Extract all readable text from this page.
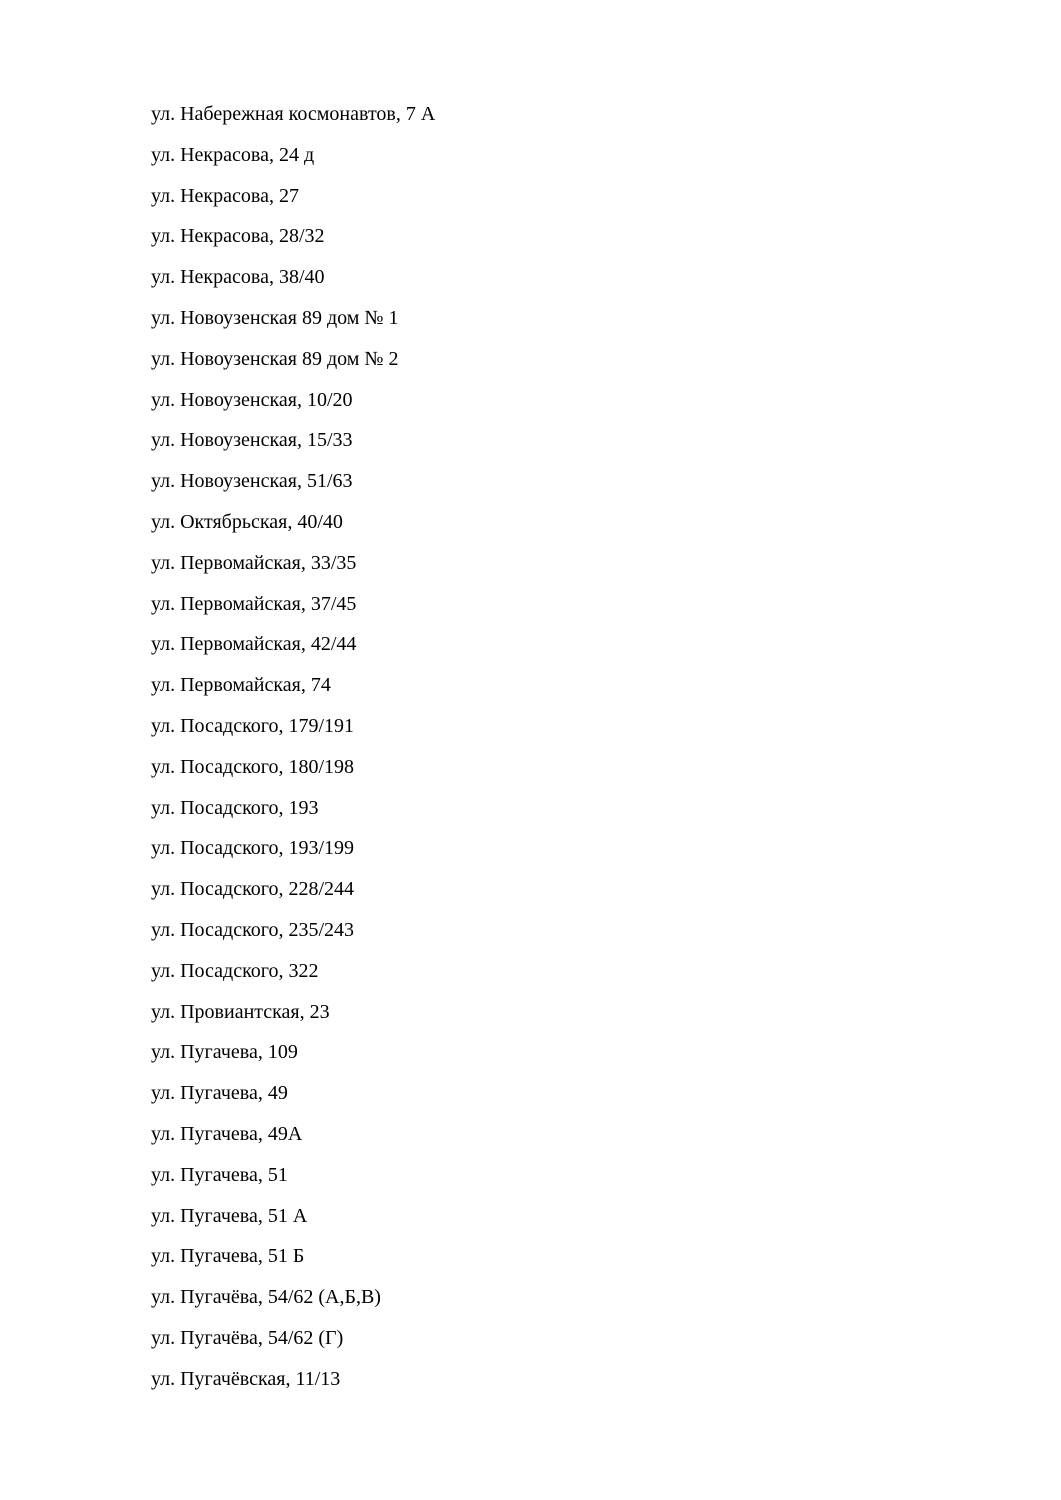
ул. Набережная космонавтов, 7 А
ул. Некрасова, 24 д
ул. Некрасова, 27
ул. Некрасова, 28/32
ул. Некрасова, 38/40
ул. Новоузенская 89 дом № 1
ул. Новоузенская 89 дом № 2
ул. Новоузенская, 10/20
ул. Новоузенская, 15/33
ул. Новоузенская, 51/63
ул. Октябрьская, 40/40
ул. Первомайская, 33/35
ул. Первомайская, 37/45
ул. Первомайская, 42/44
ул. Первомайская, 74
ул. Посадского, 179/191
ул. Посадского, 180/198
ул. Посадского, 193
ул. Посадского, 193/199
ул. Посадского, 228/244
ул. Посадского, 235/243
ул. Посадского, 322
ул. Провиантская, 23
ул. Пугачева, 109
ул. Пугачева, 49
ул. Пугачева, 49А
ул. Пугачева, 51
ул. Пугачева, 51 А
ул. Пугачева, 51 Б
ул. Пугачёва, 54/62 (А,Б,В)
ул. Пугачёва, 54/62 (Г)
ул. Пугачёвская, 11/13
